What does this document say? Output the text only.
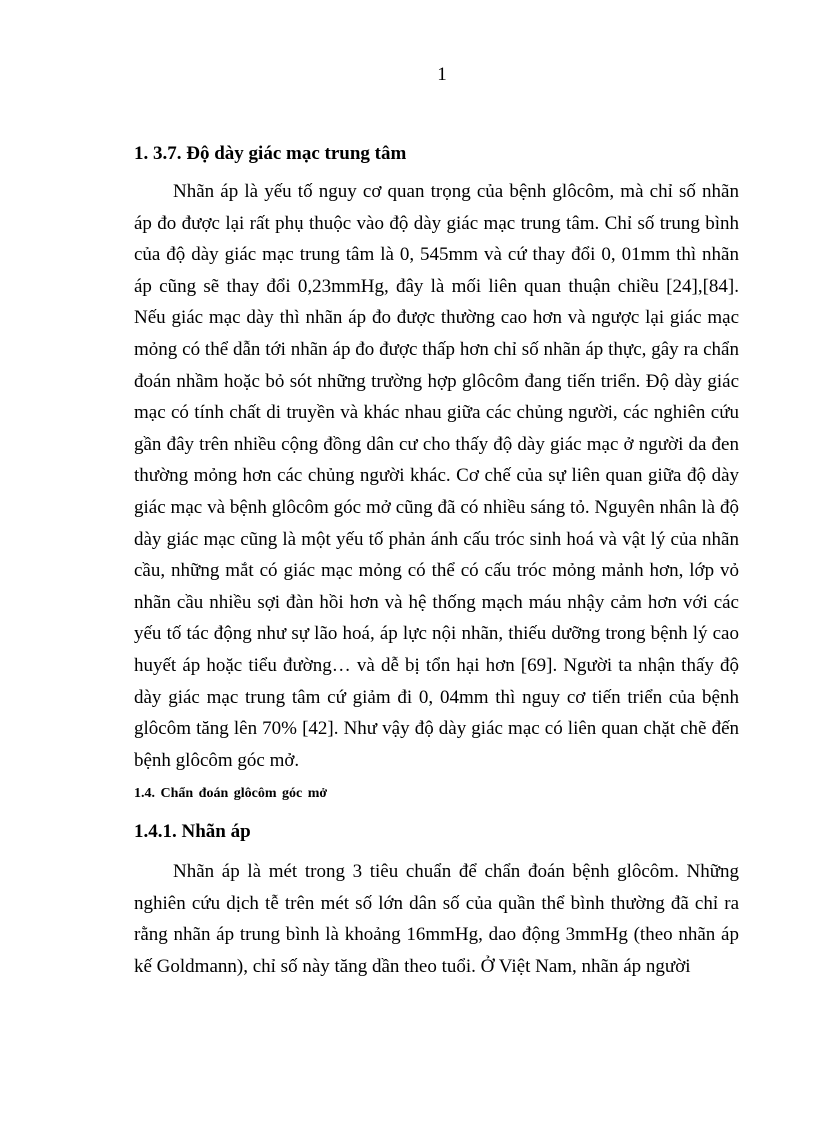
1
1. 3.7. Độ dày giác mạc trung tâm

Nhãn áp là yếu tố nguy cơ quan trọng của bệnh glôcôm, mà chỉ số nhãn áp đo được lại rất phụ thuộc vào độ dày giác mạc trung tâm. Chỉ số trung bình của độ dày giác mạc trung tâm là 0, 545mm và cứ thay đổi 0, 01mm thì nhãn áp cũng sẽ thay đổi 0,23mmHg, đây là mối liên quan thuận chiều [24],[84]. Nếu giác mạc dày thì nhãn áp đo được thường cao hơn và ngược lại giác mạc mỏng có thể dẫn tới nhãn áp đo được thấp hơn chỉ số nhãn áp thực, gây ra chẩn đoán nhầm hoặc bỏ sót những trường hợp glôcôm đang tiến triển. Độ dày giác mạc có tính chất di truyền và khác nhau giữa các chủng người, các nghiên cứu gần đây trên nhiều cộng đồng dân cư cho thấy độ dày giác mạc ở người da đen thường mỏng hơn các chủng người khác. Cơ chế của sự liên quan giữa độ dày giác mạc và bệnh glôcôm góc mở cũng đã có nhiều sáng tỏ. Nguyên nhân là độ dày giác mạc cũng là một yếu tố phản ánh cấu tróc sinh hoá và vật lý của nhãn cầu, những mắt có giác mạc mỏng có thể có cấu tróc mỏng mảnh hơn, lớp vỏ nhãn cầu nhiều sợi đàn hồi hơn và hệ thống mạch máu nhậy cảm hơn với các yếu tố tác động như sự lão hoá, áp lực nội nhãn, thiếu dưỡng trong bệnh lý cao huyết áp hoặc tiểu đường… và dễ bị tổn hại hơn [69]. Người ta nhận thấy độ dày giác mạc trung tâm cứ giảm đi 0, 04mm thì nguy cơ tiến triển của bệnh glôcôm tăng lên 70% [42]. Như vậy độ dày giác mạc có liên quan chặt chẽ đến bệnh glôcôm góc mở.

1.4. Chẩn đoán glôcôm góc mở
1.4.1. Nhãn áp

Nhãn áp là mét trong 3 tiêu chuẩn để chẩn đoán bệnh glôcôm. Những nghiên cứu dịch tễ trên mét số lớn dân số của quần thể bình thường đã chỉ ra rằng nhãn áp trung bình là khoảng 16mmHg, dao động 3mmHg (theo nhãn áp kế Goldmann), chỉ số này tăng dần theo tuổi. Ở Việt Nam, nhãn áp người
